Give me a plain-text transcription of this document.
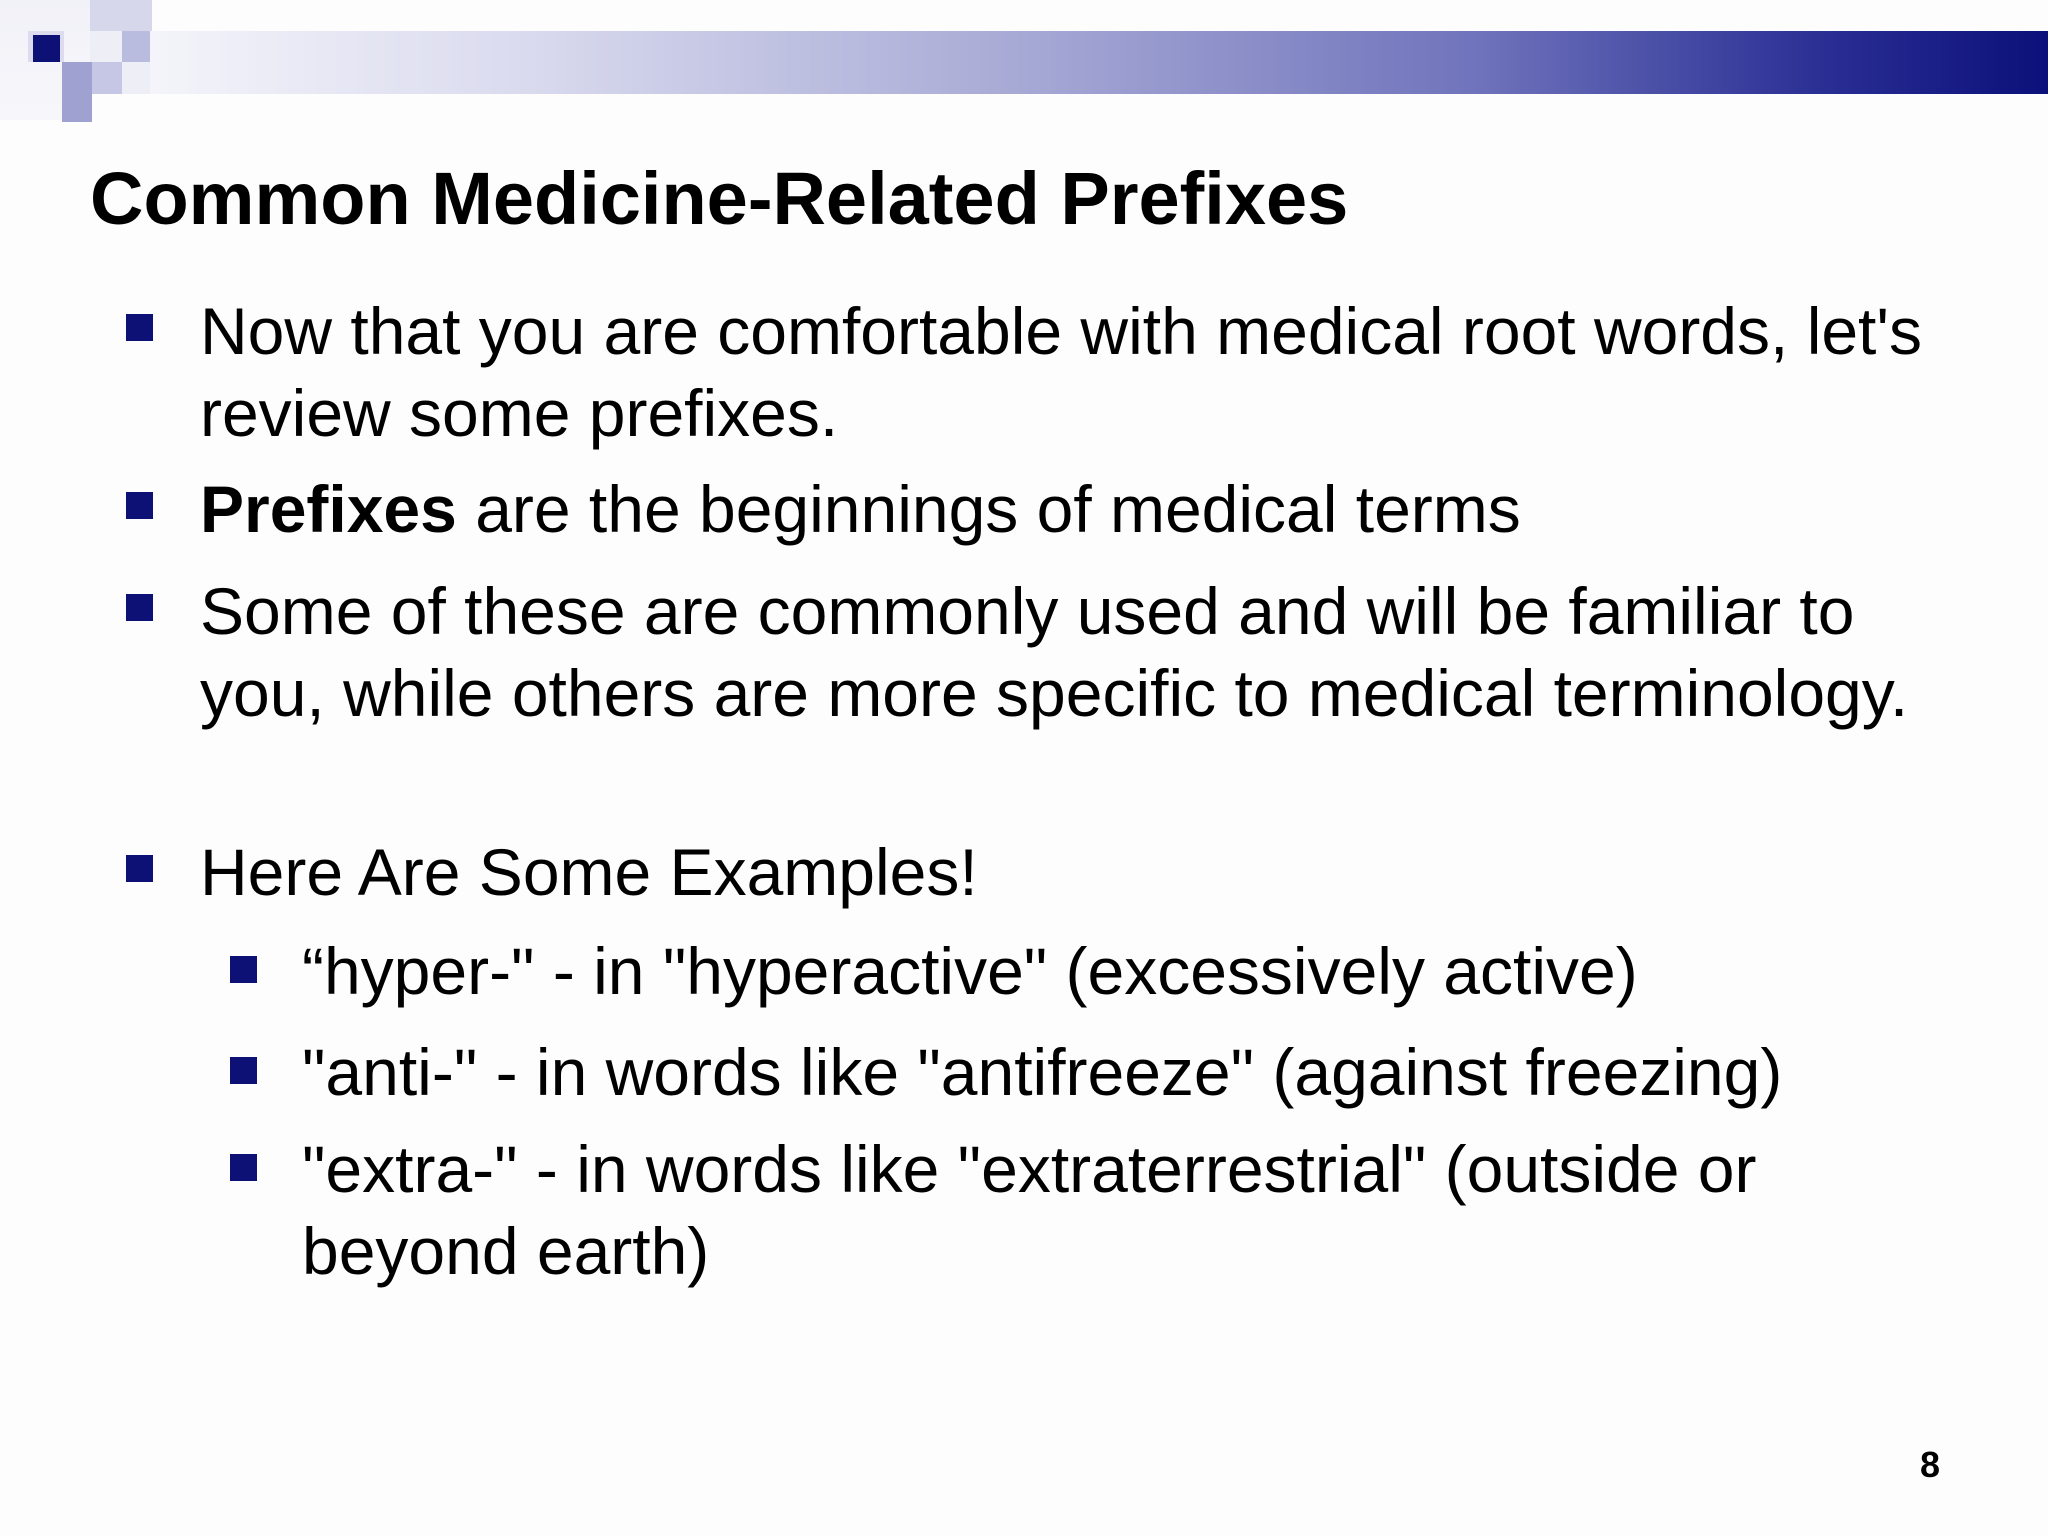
Common Medicine-Related Prefixes
Now that you are comfortable with medical root words, let's review some prefixes.
Prefixes are the beginnings of medical terms
Some of these are commonly used and will be familiar to you, while others are more specific to medical terminology.
Here Are Some Examples!
“hyper-" - in "hyperactive" (excessively active)
"anti-" - in words like "antifreeze" (against freezing)
"extra-" - in words like "extraterrestrial" (outside or beyond earth)
8
